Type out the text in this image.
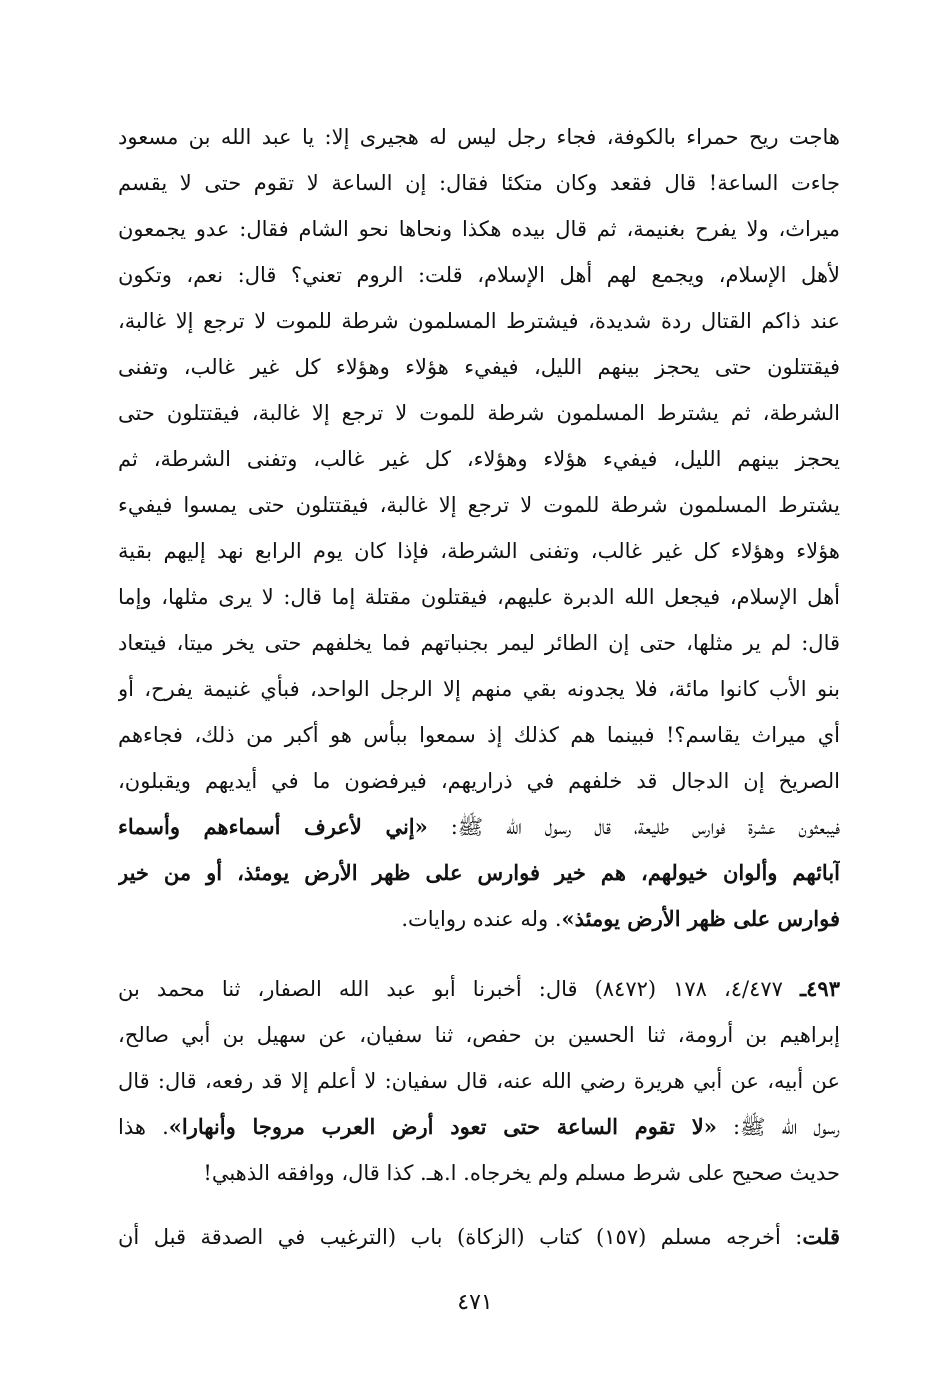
هاجت ريح حمراء بالكوفة، فجاء رجل ليس له هجيرى إلا: يا عبد الله بن مسعود
جاءت الساعة! قال فقعد وكان متكئا فقال: إن الساعة لا تقوم حتى لا يقسم
ميراث، ولا يفرح بغنيمة، ثم قال بيده هكذا ونحاها نحو الشام فقال: عدو يجمعون
لأهل الإسلام، ويجمع لهم أهل الإسلام، قلت: الروم تعني؟ قال: نعم، وتكون
عند ذاكم القتال ردة شديدة، فيشترط المسلمون شرطة للموت لا ترجع إلا غالبة،
فيقتتلون حتى يحجز بينهم الليل، فيفيء هؤلاء وهؤلاء كل غير غالب، وتفنى
الشرطة، ثم يشترط المسلمون شرطة للموت لا ترجع إلا غالبة، فيقتتلون حتى
يحجز بينهم الليل، فيفيء هؤلاء وهؤلاء، كل غير غالب، وتفنى الشرطة، ثم
يشترط المسلمون شرطة للموت لا ترجع إلا غالبة، فيقتتلون حتى يمسوا فيفيء
هؤلاء وهؤلاء كل غير غالب، وتفنى الشرطة، فإذا كان يوم الرابع نهد إليهم بقية
أهل الإسلام، فيجعل الله الدبرة عليهم، فيقتلون مقتلة إما قال: لا يرى مثلها، وإما
قال: لم ير مثلها، حتى إن الطائر ليمر بجنباتهم فما يخلفهم حتى يخر ميتا، فيتعاد
بنو الأب كانوا مائة، فلا يجدونه بقي منهم إلا الرجل الواحد، فبأي غنيمة يفرح، أو
أي ميراث يقاسم؟! فبينما هم كذلك إذ سمعوا ببأس هو أكبر من ذلك، فجاءهم
الصريخ إن الدجال قد خلفهم في ذراريهم، فيرفضون ما في أيديهم ويقبلون،
فيبعثون عشرة فوارس طليعة، قال رسول الله ﷺ: «إني لأعرف أسماءهم وأسماء
آبائهم وألوان خيولهم، هم خير فوارس على ظهر الأرض يومئذ، أو من خير
فوارس على ظهر الأرض يومئذ». وله عنده روايات.
٤٩٣ـ ٤/٤٧٧، ١٧٨ (٨٤٧٢) قال: أخبرنا أبو عبد الله الصفار، ثنا محمد بن
إبراهيم بن أرومة، ثنا الحسين بن حفص، ثنا سفيان، عن سهيل بن أبي صالح،
عن أبيه، عن أبي هريرة رضي الله عنه، قال سفيان: لا أعلم إلا قد رفعه، قال: قال
رسول الله ﷺ: «لا تقوم الساعة حتى تعود أرض العرب مروجا وأنهارا». هذا
حديث صحيح على شرط مسلم ولم يخرجاه. ا.هـ. كذا قال، ووافقه الذهبي!
قلت: أخرجه مسلم (١٥٧) كتاب (الزكاة) باب (الترغيب في الصدقة قبل أن
٤٧١
